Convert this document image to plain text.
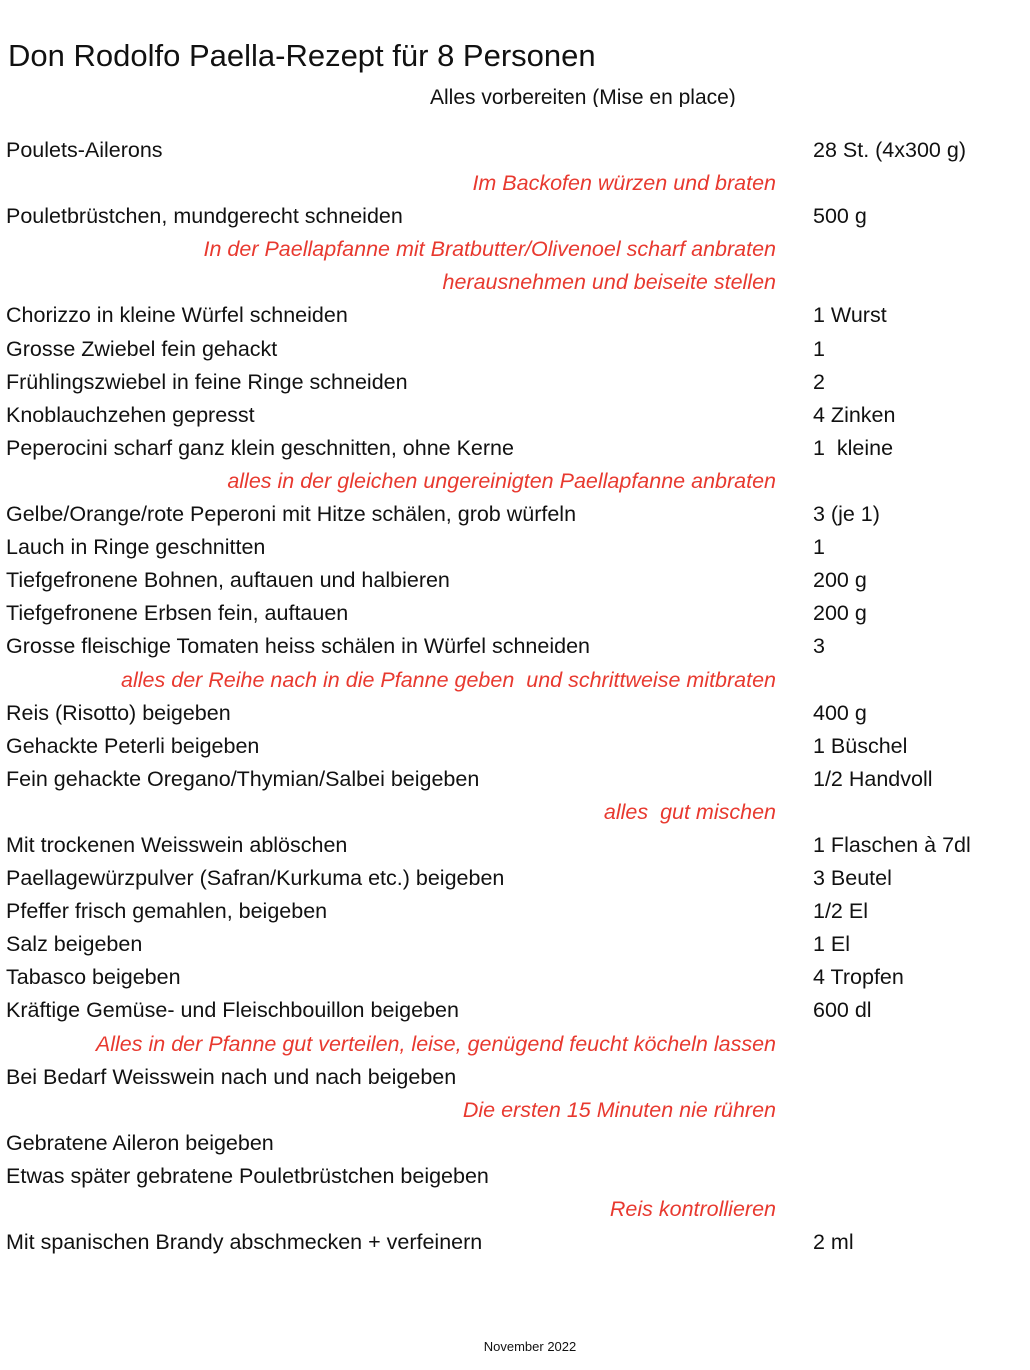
Don Rodolfo Paella-Rezept für 8 Personen
Alles vorbereiten (Mise en place)
Poulets-Ailerons	28 St. (4x300 g)
Im Backofen würzen und braten
Pouletbrüstchen, mundgerecht schneiden	500 g
In der Paellapfanne mit Bratbutter/Olivenoel scharf anbraten
herausnehmen und beiseite stellen
Chorizzo in kleine Würfel schneiden	1 Wurst
Grosse Zwiebel fein gehackt	1
Frühlingszwiebel in feine Ringe schneiden	2
Knoblauchzehen gepresst	4 Zinken
Peperocini scharf ganz klein geschnitten, ohne Kerne	1  kleine
alles in der gleichen ungereinigten Paellapfanne anbraten
Gelbe/Orange/rote Peperoni mit Hitze schälen, grob würfeln	3 (je 1)
Lauch in Ringe geschnitten	1
Tiefgefronene Bohnen, auftauen und halbieren	200 g
Tiefgefronene Erbsen fein, auftauen	200 g
Grosse fleischige Tomaten heiss schälen in Würfel schneiden	3
alles der Reihe nach in die Pfanne geben  und schrittweise mitbraten
Reis (Risotto) beigeben	400 g
Gehackte Peterli beigeben	1 Büschel
Fein gehackte Oregano/Thymian/Salbei beigeben	1/2 Handvoll
alles  gut mischen
Mit trockenen Weisswein ablöschen	1 Flaschen à 7dl
Paellagewürzpulver (Safran/Kurkuma etc.) beigeben	3 Beutel
Pfeffer frisch gemahlen, beigeben	1/2 El
Salz beigeben	1 El
Tabasco beigeben	4 Tropfen
Kräftige Gemüse- und Fleischbouillon beigeben	600 dl
Alles in der Pfanne gut verteilen, leise, genügend feucht köcheln lassen
Bei Bedarf Weisswein nach und nach beigeben
Die ersten 15 Minuten nie rühren
Gebratene Aileron beigeben
Etwas später gebratene Pouletbrüstchen beigeben
Reis kontrollieren
Mit spanischen Brandy abschmecken + verfeinern	2 ml
November 2022
